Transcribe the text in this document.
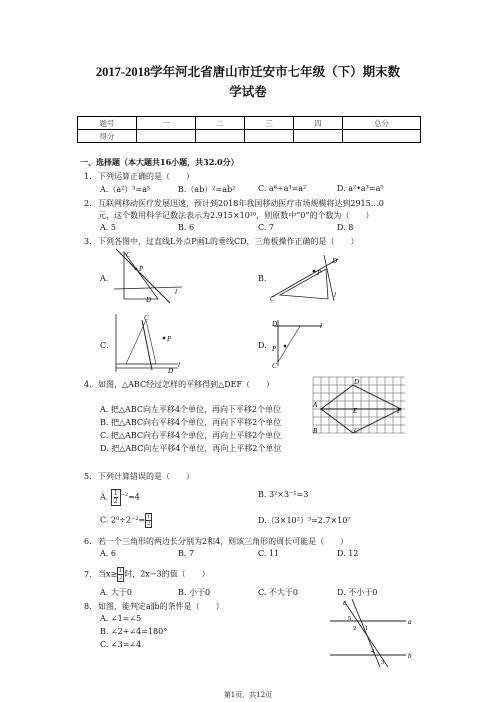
2017-2018学年河北省唐山市迁安市七年级（下）期末数
学试卷
题号	一	二	三	四	总分
得分					
一、选择题（本大题共16小题，共32.0分）
1. 下列运算正确的是（　　）
A.（a²）³=a⁵	B.（ab）²=ab²	C. a⁶÷a³=a²	D. a²•a³=a⁵
2. 互联网移动医疗发展迅速，预计到2018年我国移动医疗市场规模将达到2915…0
元，这个数用科学记数法表示为2.915×10¹⁰，则原数中“0”的个数为（　　）
A. 5	B. 6	C. 7	D. 8
3. 下列各图中，过直线L外点P画L的垂线CD，三角板操作正确的是（　　）
A.
C
P
D
l
B.
D
P
C	l
C.
C
P
D
l
D.
D
P
C
l
4. 如图，△ABC经过怎样的平移得到△DEF（　　）
A. 把△ABC向左平移4个单位，再向下平移2个单位
B. 把△ABC向右平移4个单位，再向下平移2个单位
C. 把△ABC向右平移4个单位，再向上平移2个单位
D. 把△ABC向左平移4个单位，再向上平移2个单位
D
A
E	F
B	C
5. 下列计算错误的是（　　）
A. $\frac{1}{2} ^{-2}=4$	B. 3²×3⁻¹=3
C. $2^0\div 2^{-2}= \frac{1}{2}$	D.（3×10²）³=2.7×10⁷
6. 若一个三角形的两边长分别为2和4，则该三角形的周长可能是（　　）
A. 6	B. 7	C. 11	D. 12
7. 当$x\ge \frac{1}{2}$ 时，2x−3的值（　　）
A. 大于0	B. 小于0	C. 不大于0	D. 不小于0
8. 如图，能判定a∥b的条件是（　　）
A. ∠1=∠5
B. ∠2+∠4=180°
C. ∠3=∠4
c
a
b
5
2 1
4
3
第1页，共12页
